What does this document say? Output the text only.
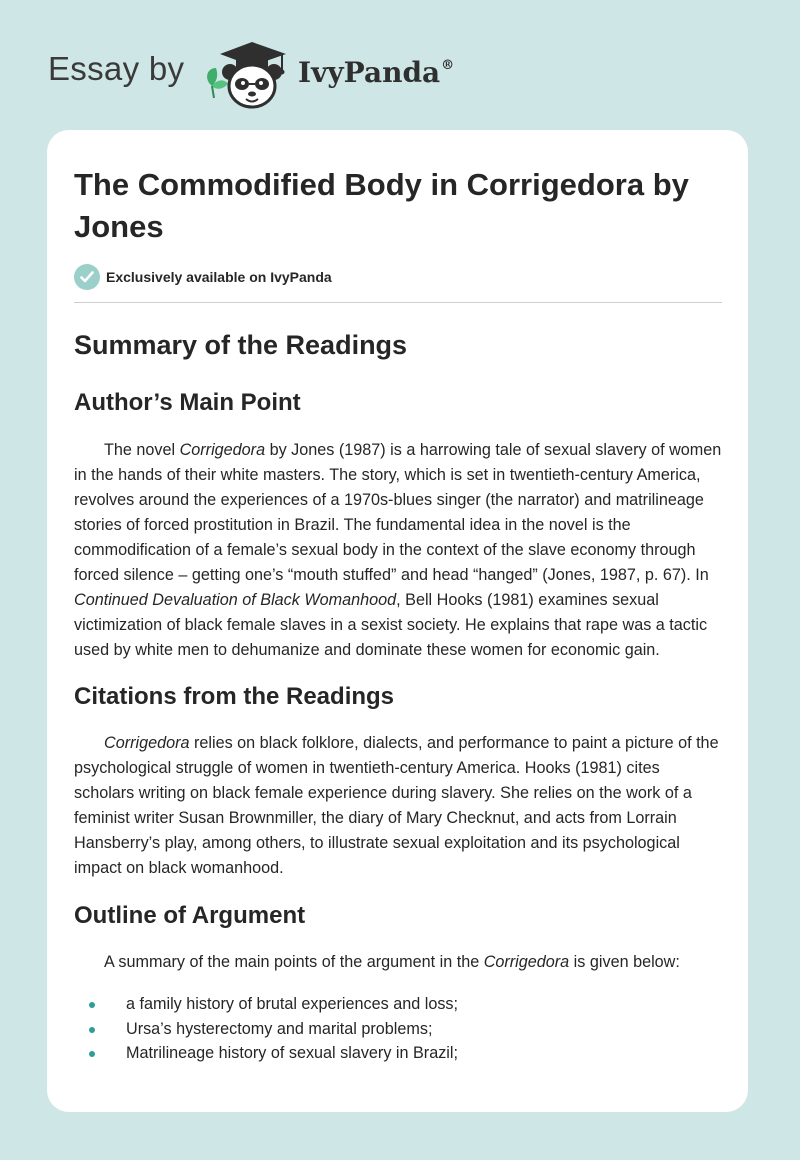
Essay by	IvyPanda®
The Commodified Body in Corrigedora by Jones
Exclusively available on IvyPanda
Summary of the Readings
Author’s Main Point

The novel Corrigedora by Jones (1987) is a harrowing tale of sexual slavery of women in the hands of their white masters. The story, which is set in twentieth-century America, revolves around the experiences of a 1970s-blues singer (the narrator) and matrilineage stories of forced prostitution in Brazil. The fundamental idea in the novel is the commodification of a female’s sexual body in the context of the slave economy through forced silence – getting one’s “mouth stuffed” and head “hanged” (Jones, 1987, p. 67). In Continued Devaluation of Black Womanhood, Bell Hooks (1981) examines sexual victimization of black female slaves in a sexist society. He explains that rape was a tactic used by white men to dehumanize and dominate these women for economic gain.

Citations from the Readings

Corrigedora relies on black folklore, dialects, and performance to paint a picture of the psychological struggle of women in twentieth-century America. Hooks (1981) cites scholars writing on black female experience during slavery. She relies on the work of a feminist writer Susan Brownmiller, the diary of Mary Checknut, and acts from Lorrain Hansberry’s play, among others, to illustrate sexual exploitation and its psychological impact on black womanhood.

Outline of Argument

A summary of the main points of the argument in the Corrigedora is given below:

a family history of brutal experiences and loss;
Ursa’s hysterectomy and marital problems;
Matrilineage history of sexual slavery in Brazil;
